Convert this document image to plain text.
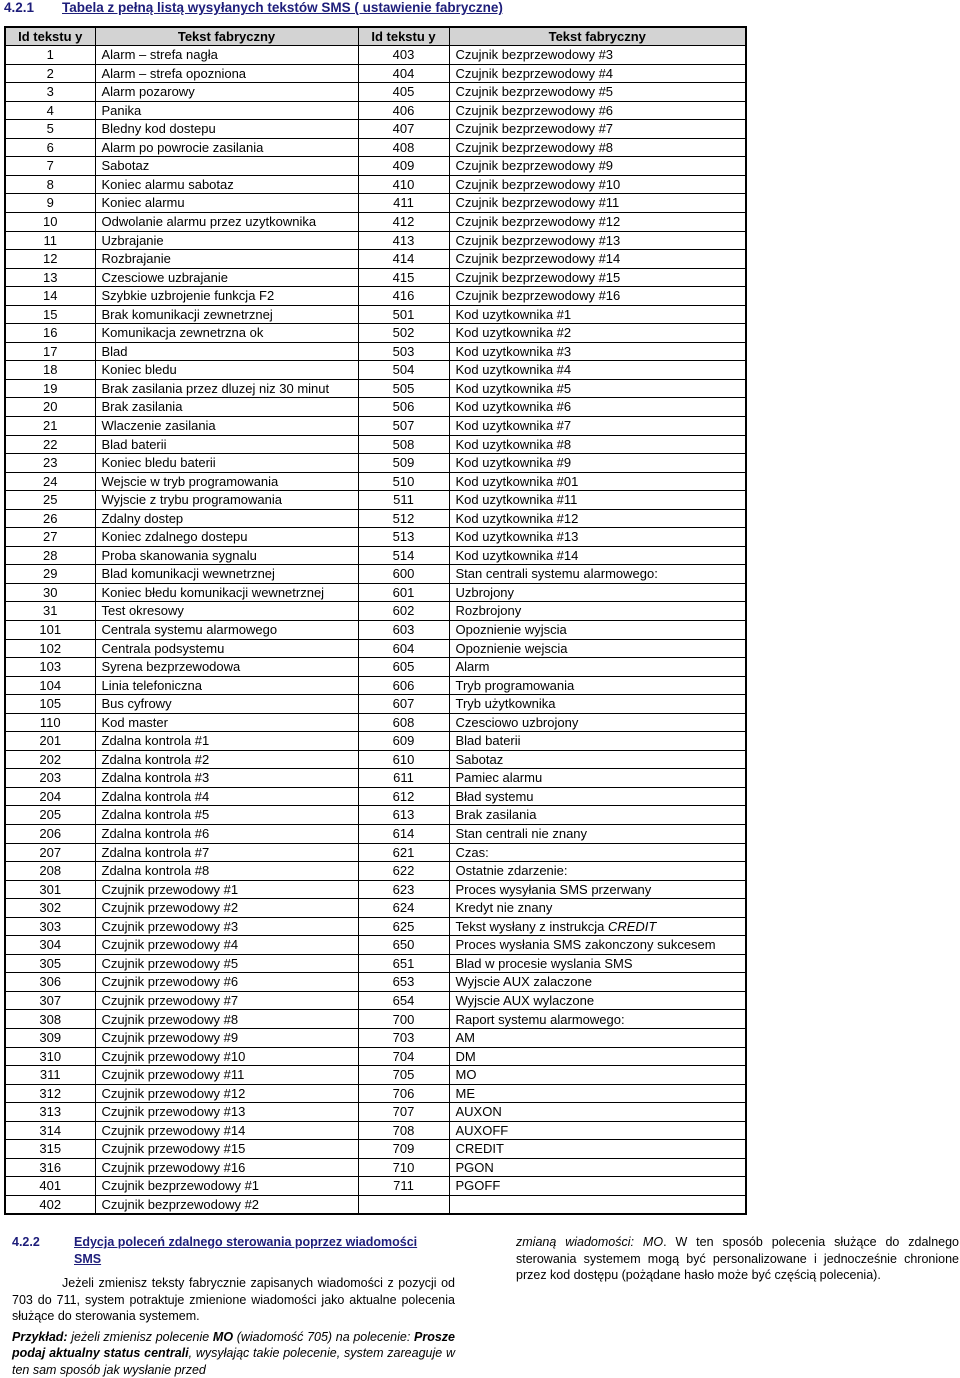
4.2.1 Tabela z pełną listą wysyłanych tekstów SMS ( ustawienie fabryczne)
Id tekstu y	Tekst fabryczny	Id tekstu y	Tekst fabryczny
1	Alarm – strefa nagła	403	Czujnik bezprzewodowy #3
2	Alarm – strefa opozniona	404	Czujnik bezprzewodowy #4
3	Alarm pozarowy	405	Czujnik bezprzewodowy #5
4	Panika	406	Czujnik bezprzewodowy #6
5	Bledny kod dostepu	407	Czujnik bezprzewodowy #7
6	Alarm po powrocie zasilania	408	Czujnik bezprzewodowy #8
7	Sabotaz	409	Czujnik bezprzewodowy #9
8	Koniec alarmu sabotaz	410	Czujnik bezprzewodowy #10
9	Koniec alarmu	411	Czujnik bezprzewodowy #11
10	Odwolanie alarmu przez uzytkownika	412	Czujnik bezprzewodowy #12
11	Uzbrajanie	413	Czujnik bezprzewodowy #13
12	Rozbrajanie	414	Czujnik bezprzewodowy #14
13	Czesciowe uzbrajanie	415	Czujnik bezprzewodowy #15
14	Szybkie uzbrojenie funkcja F2	416	Czujnik bezprzewodowy #16
15	Brak komunikacji zewnetrznej	501	Kod uzytkownika #1
16	Komunikacja zewnetrzna ok	502	Kod uzytkownika #2
17	Blad	503	Kod uzytkownika #3
18	Koniec bledu	504	Kod uzytkownika #4
19	Brak zasilania przez dluzej niz 30 minut	505	Kod uzytkownika #5
20	Brak zasilania	506	Kod uzytkownika #6
21	Wlaczenie zasilania	507	Kod uzytkownika #7
22	Blad baterii	508	Kod uzytkownika #8
23	Koniec bledu baterii	509	Kod uzytkownika #9
24	Wejscie w tryb programowania	510	Kod uzytkownika #01
25	Wyjscie z trybu programowania	511	Kod uzytkownika #11
26	Zdalny dostep	512	Kod uzytkownika #12
27	Koniec zdalnego dostepu	513	Kod uzytkownika #13
28	Proba skanowania sygnalu	514	Kod uzytkownika #14
29	Blad komunikacji wewnetrznej	600	Stan centrali systemu alarmowego:
30	Koniec błedu komunikacji wewnetrznej	601	Uzbrojony
31	Test okresowy	602	Rozbrojony
101	Centrala systemu alarmowego	603	Opoznienie wyjscia
102	Centrala podsystemu	604	Opoznienie wejscia
103	Syrena bezprzewodowa	605	Alarm
104	Linia telefoniczna	606	Tryb programowania
105	Bus cyfrowy	607	Tryb użytkownika
110	Kod master	608	Czesciowo uzbrojony
201	Zdalna kontrola #1	609	Blad baterii
202	Zdalna kontrola #2	610	Sabotaz
203	Zdalna kontrola #3	611	Pamiec alarmu
204	Zdalna kontrola #4	612	Bład systemu
205	Zdalna kontrola #5	613	Brak zasilania
206	Zdalna kontrola #6	614	Stan centrali nie znany
207	Zdalna kontrola #7	621	Czas:
208	Zdalna kontrola #8	622	Ostatnie zdarzenie:
301	Czujnik przewodowy #1	623	Proces wysyłania SMS przerwany
302	Czujnik przewodowy #2	624	Kredyt nie znany
303	Czujnik przewodowy #3	625	Tekst wysłany z instrukcja CREDIT
304	Czujnik przewodowy #4	650	Proces wysłania SMS zakonczony sukcesem
305	Czujnik przewodowy #5	651	Blad w procesie wyslania SMS
306	Czujnik przewodowy #6	653	Wyjscie AUX zalaczone
307	Czujnik przewodowy #7	654	Wyjscie AUX wylaczone
308	Czujnik przewodowy #8	700	Raport systemu alarmowego:
309	Czujnik przewodowy #9	703	AM
310	Czujnik przewodowy #10	704	DM
311	Czujnik przewodowy #11	705	MO
312	Czujnik przewodowy #12	706	ME
313	Czujnik przewodowy #13	707	AUXON
314	Czujnik przewodowy #14	708	AUXOFF
315	Czujnik przewodowy #15	709	CREDIT
316	Czujnik przewodowy #16	710	PGON
401	Czujnik bezprzewodowy #1	711	PGOFF
402	Czujnik bezprzewodowy #2		
4.2.2	Edycja poleceń zdalnego sterowania poprzez wiadomości
SMS

Jeżeli zmienisz teksty fabrycznie zapisanych wiadomości z pozycji od 703 do 711, system potraktuje zmienione wiadomości jako aktualne polecenia służące do sterowania systemem.

Przykład: jeżeli zmienisz polecenie MO (wiadomość 705) na polecenie: Prosze podaj aktualny status centrali, wysyłając takie polecenie, system zareaguje w ten sam sposób jak wysłanie przed

zmianą wiadomości: MO. W ten sposób polecenia służące do zdalnego sterowania systemem mogą być personalizowane i jednocześnie chronione przez kod dostępu (pożądane hasło może być częścią polecenia).
